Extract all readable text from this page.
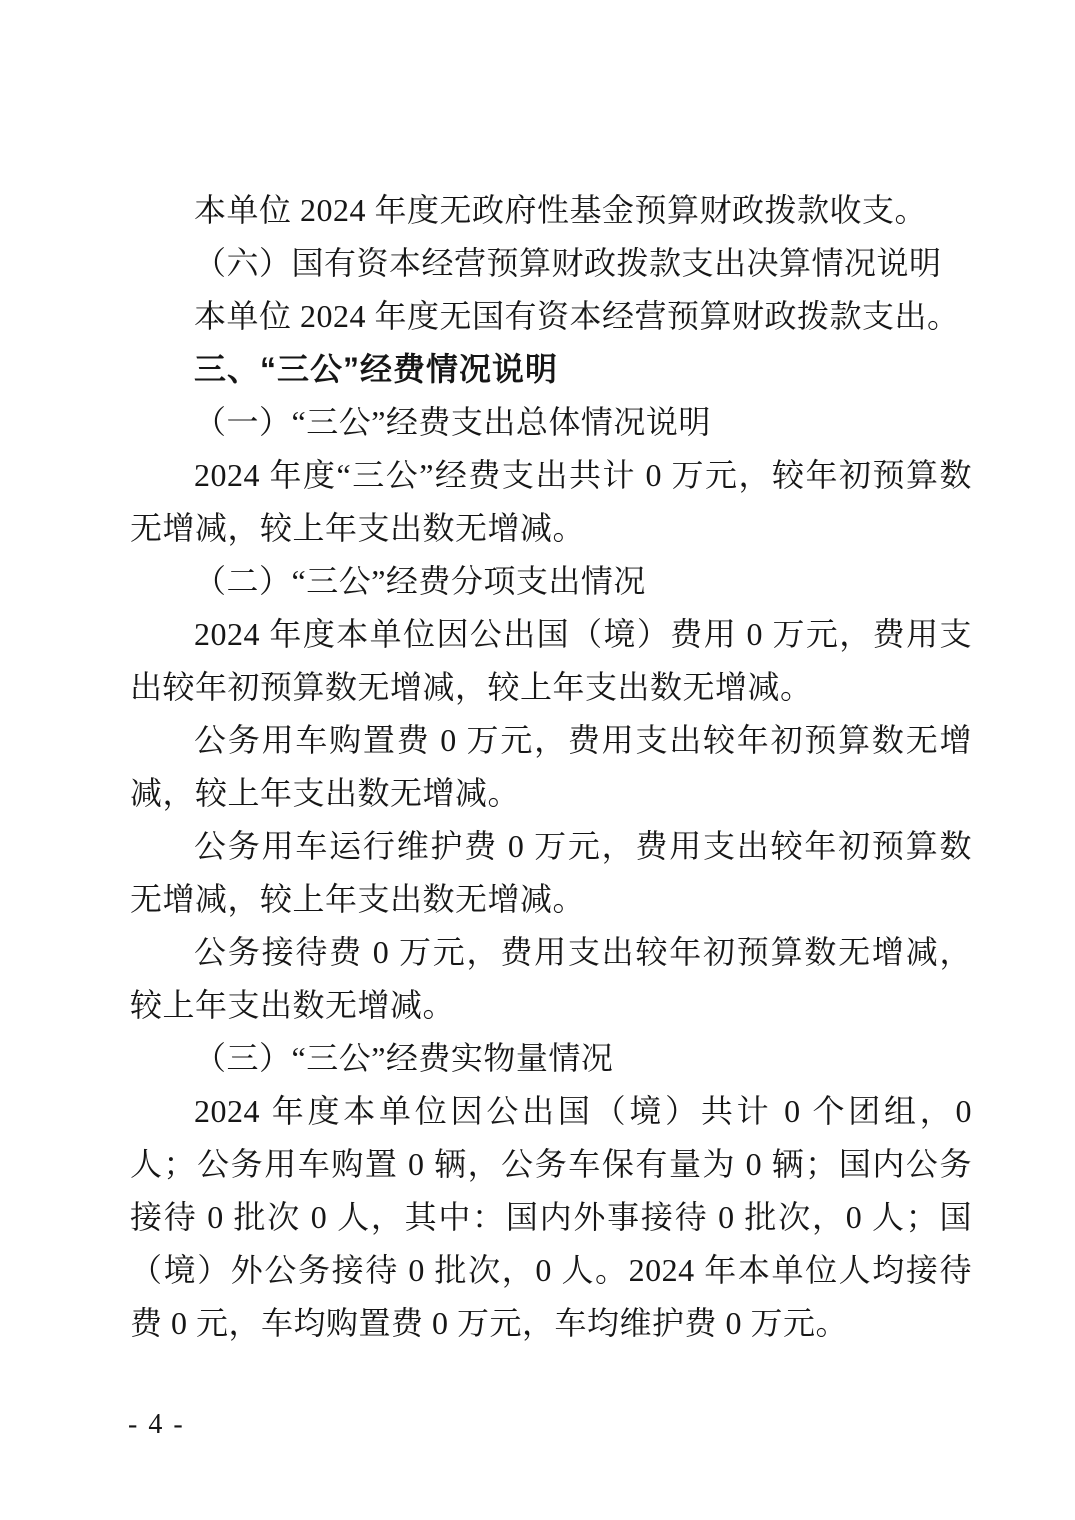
本单位 2024 年度无政府性基金预算财政拨款收支。

（六）国有资本经营预算财政拨款支出决算情况说明

本单位 2024 年度无国有资本经营预算财政拨款支出。

三、“三公”经费情况说明

（一）“三公”经费支出总体情况说明

2024 年度“三公”经费支出共计 0 万元，较年初预算数无增减，较上年支出数无增减。

（二）“三公”经费分项支出情况

2024 年度本单位因公出国（境）费用 0 万元，费用支出较年初预算数无增减，较上年支出数无增减。

公务用车购置费 0 万元，费用支出较年初预算数无增减，较上年支出数无增减。

公务用车运行维护费 0 万元，费用支出较年初预算数无增减，较上年支出数无增减。

公务接待费 0 万元，费用支出较年初预算数无增减，较上年支出数无增减。

（三）“三公”经费实物量情况

2024 年度本单位因公出国（境）共计 0 个团组，0 人；公务用车购置 0 辆，公务车保有量为 0 辆；国内公务接待 0 批次 0 人，其中：国内外事接待 0 批次，0 人；国（境）外公务接待 0 批次，0 人。2024 年本单位人均接待费 0 元，车均购置费 0 万元，车均维护费 0 万元。

- 4 -
